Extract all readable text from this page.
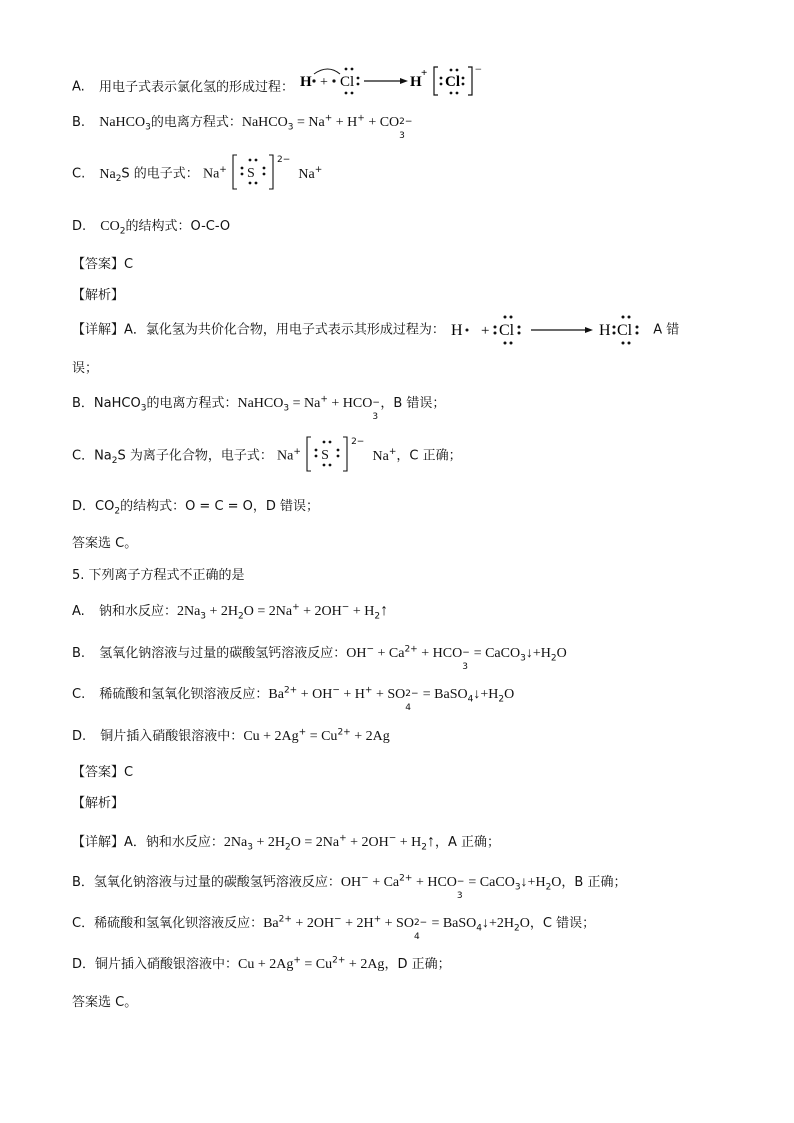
A. 用电子式表示氯化氢的形成过程： H + Cl	H
+
Cl
−
B. NaHCO$_3$的电离方程式：NaHCO$_3$ = Na+ + H+ + CO 2−
3
C. $Na_2S$ 的电子式： Na+ S
$^{2-}$ Na+
D. $CO_2$的结构式：O-C-O
【答案】C
【解析】
【详解】A．氯化氢为共价化合物，用电子式表示其形成过程为： H + Cl	H Cl A 错
误；
B．NaHCO$_3$的电离方程式：NaHCO$_3$ = Na+ + HCO −
3
，B 错误；
C．$Na_2S$ 为离子化合物，电子式： Na+ S
$^{2-}$ Na+，C 正确；
D．$CO_2$的结构式：O = C = O，D 错误；
答案选 C。
5. 下列离子方程式不正确的是
A. 钠和水反应：$2Na_3 + 2H_2O = 2Na^+ + 2OH^-$ + $H_2↑$
B. 氢氧化钠溶液与过量的碳酸氢钙溶液反应：$OH^- + Ca^{2+}$ + HCO −
3
= $CaCO_3↓+H_2O$
C. 稀硫酸和氢氧化钡溶液反应：$Ba^{2+} + OH^- + H^+$ + SO 2−
4
= $BaSO_4↓+H_2O$
D. 铜片插入硝酸银溶液中：$Cu + 2Ag^+ = Cu^{2+} + 2Ag$
【答案】C
【解析】
【详解】A．钠和水反应：$2Na_3 + 2H_2O = 2Na^+ + 2OH^-$ + $H_2↑$，A 正确；
B．氢氧化钠溶液与过量的碳酸氢钙溶液反应：$OH^- + Ca^{2+}$ + HCO −
3
= $CaCO_3↓+H_2O$，B 正确；
C．稀硫酸和氢氧化钡溶液反应：$Ba^{2+} + 2OH^- + 2H^+$ + SO 2−
4
= $BaSO_4↓+2H_2O$，C 错误；
D．铜片插入硝酸银溶液中：$Cu + 2Ag^+ = Cu^{2+} + 2Ag$，D 正确；
答案选 C。
